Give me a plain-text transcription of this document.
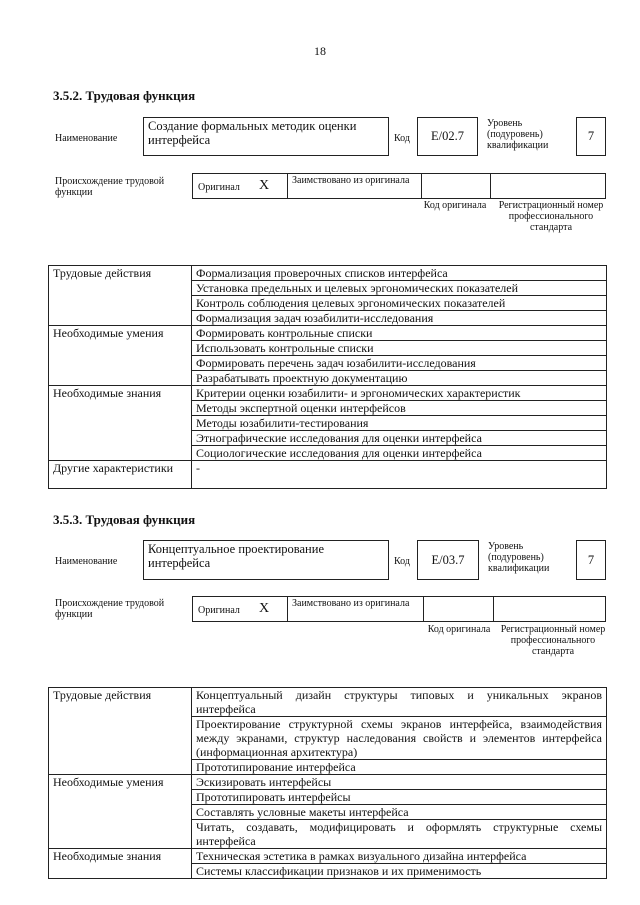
18
3.5.2. Трудовая функция
Наименование
Создание формальных методик оценки интерфейса	Код E/02.7
Уровень (подуровень) квалификации
7
Происхождение трудовой функции	Оригинал X Заимствовано из оригинала
Код оригинала	Регистрационный номер профессионального стандарта
Трудовые действия	Формализация проверочных списков интерфейса
	Установка предельных и целевых эргономических показателей
	Контроль соблюдения целевых эргономических показателей
	Формализация задач юзабилити-исследования
Необходимые умения	Формировать контрольные списки
	Использовать контрольные списки
	Формировать перечень задач юзабилити-исследования
	Разрабатывать проектную документацию
Необходимые знания	Критерии оценки юзабилити- и эргономических характеристик
	Методы экспертной оценки интерфейсов
	Методы юзабилити-тестирования
	Этнографические исследования для оценки интерфейса
	Социологические исследования для оценки интерфейса
Другие характеристики	-
3.5.3. Трудовая функция
Наименование
Концептуальное проектирование интерфейса	Код E/03.7
Уровень (подуровень) квалификации
7
Происхождение трудовой функции	Оригинал X Заимствовано из оригинала
Код оригинала	Регистрационный номер профессионального стандарта
Трудовые действия	Концептуальный дизайн структуры типовых и уникальных экранов интерфейса
	Проектирование структурной схемы экранов интерфейса, взаимодействия между экранами, структур наследования свойств и элементов интерфейса (информационная архитектура)
	Прототипирование интерфейса
Необходимые умения	Эскизировать интерфейсы
	Прототипировать интерфейсы
	Составлять условные макеты интерфейса
	Читать, создавать, модифицировать и оформлять структурные схемы интерфейса
Необходимые знания	Техническая эстетика в рамках визуального дизайна интерфейса
	Системы классификации признаков и их применимость
